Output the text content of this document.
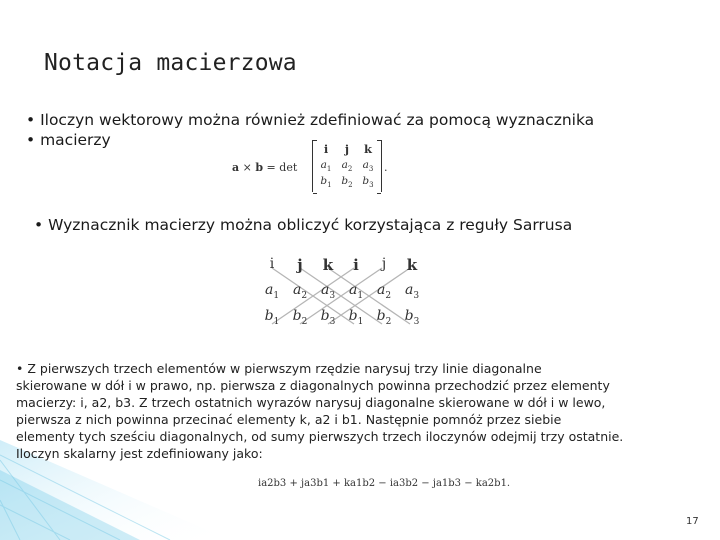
Notacja macierzowa
• Iloczyn wektorowy można również zdefiniować za pomocą wyznacznika
• macierzy
a × b = det
i	j	k
$a_1$ $a_2$ $a_3$
$b_1$ $b_2$ $b_3$
.
• Wyznacznik macierzy można obliczyć korzystająca z reguły Sarrusa
i	j	k	i	j	k
$a_1$ $a_2$ $a_3$ $a_1$ $a_2$ $a_3$
$b_1$ $b_2$ $b_3$ $b_1$ $b_2$ $b_3$
• Z pierwszych trzech elementów w pierwszym rzędzie narysuj trzy linie diagonalne
skierowane w dół i w prawo, np. pierwsza z diagonalnych powinna przechodzić przez elementy
macierzy: i, a2, b3. Z trzech ostatnich wyrazów narysuj diagonalne skierowane w dół i w lewo,
pierwsza z nich powinna przecinać elementy k, a2 i b1. Następnie pomnóż przez siebie
elementy tych sześciu diagonalnych, od sumy pierwszych trzech iloczynów odejmij trzy ostatnie.
Iloczyn skalarny jest zdefiniowany jako:
ia2b3 + ja3b1 + ka1b2 − ia3b2 − ja1b3 − ka2b1.
17
